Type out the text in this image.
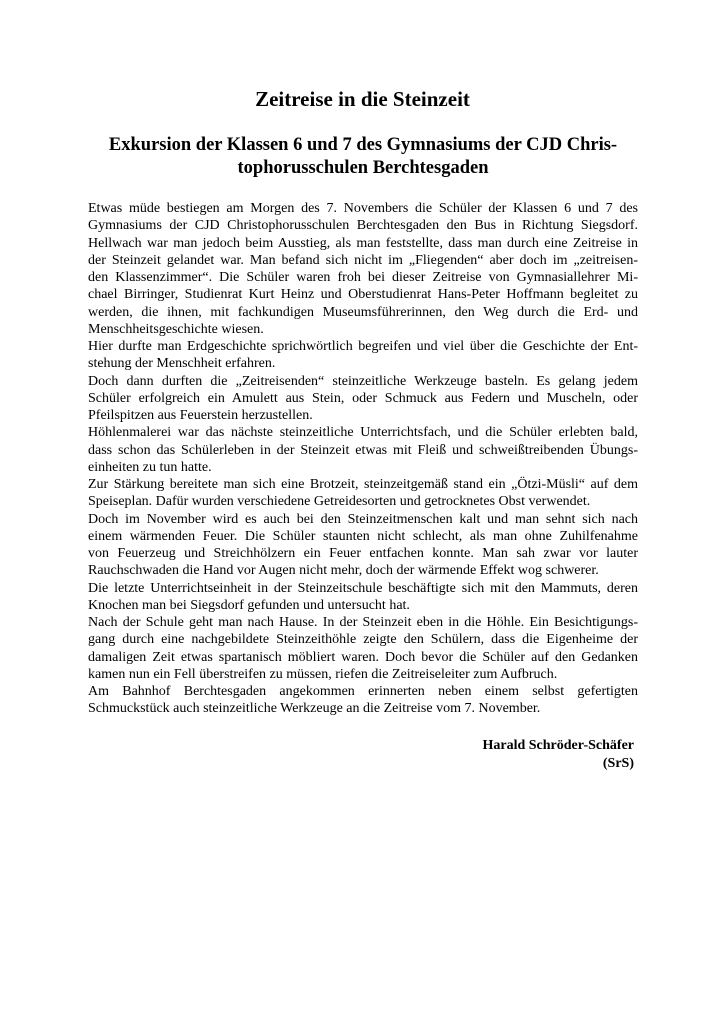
Zeitreise in die Steinzeit
Exkursion der Klassen 6 und 7 des Gymnasiums der CJD Chris-
tophorusschulen Berchtesgaden
Etwas müde bestiegen am Morgen des 7. Novembers die Schüler der Klassen 6 und 7 des
Gymnasiums der CJD Christophorusschulen Berchtesgaden den Bus in Richtung Siegsdorf.
Hellwach war man jedoch beim Ausstieg, als man feststellte, dass man durch eine Zeitreise in
der Steinzeit gelandet war. Man befand sich nicht im „Fliegenden“ aber doch im „zeitreisen-
den Klassenzimmer“. Die Schüler waren froh bei dieser Zeitreise von Gymnasiallehrer Mi-
chael Birringer, Studienrat Kurt Heinz und Oberstudienrat Hans-Peter Hoffmann begleitet zu
werden, die ihnen, mit fachkundigen Museumsführerinnen, den Weg durch die Erd- und
Menschheitsgeschichte wiesen.
Hier durfte man Erdgeschichte sprichwörtlich begreifen und viel über die Geschichte der Ent-
stehung der Menschheit erfahren.
Doch dann durften die „Zeitreisenden“ steinzeitliche Werkzeuge basteln. Es gelang jedem
Schüler erfolgreich ein Amulett aus Stein, oder Schmuck aus Federn und Muscheln, oder
Pfeilspitzen aus Feuerstein herzustellen.
Höhlenmalerei war das nächste steinzeitliche Unterrichtsfach, und die Schüler erlebten bald,
dass schon das Schülerleben in der Steinzeit etwas mit Fleiß und schweißtreibenden Übungs-
einheiten zu tun hatte.
Zur Stärkung bereitete man sich eine Brotzeit, steinzeitgemäß stand ein „Ötzi-Müsli“ auf dem
Speiseplan. Dafür wurden verschiedene Getreidesorten und getrocknetes Obst verwendet.
Doch im November wird es auch bei den Steinzeitmenschen kalt und man sehnt sich nach
einem wärmenden Feuer. Die Schüler staunten nicht schlecht, als man ohne Zuhilfenahme
von Feuerzeug und Streichhölzern ein Feuer entfachen konnte. Man sah zwar vor lauter
Rauchschwaden die Hand vor Augen nicht mehr, doch der wärmende Effekt wog schwerer.
Die letzte Unterrichtseinheit in der Steinzeitschule beschäftigte sich mit den Mammuts, deren
Knochen man bei Siegsdorf gefunden und untersucht hat.
Nach der Schule geht man nach Hause. In der Steinzeit eben in die Höhle. Ein Besichtigungs-
gang durch eine nachgebildete Steinzeithöhle zeigte den Schülern, dass die Eigenheime der
damaligen Zeit etwas spartanisch möbliert waren. Doch bevor die Schüler auf den Gedanken
kamen nun ein Fell überstreifen zu müssen, riefen die Zeitreiseleiter zum Aufbruch.
Am Bahnhof Berchtesgaden angekommen erinnerten neben einem selbst gefertigten
Schmuckstück auch steinzeitliche Werkzeuge an die Zeitreise vom 7. November.
Harald Schröder-Schäfer
(SrS)
